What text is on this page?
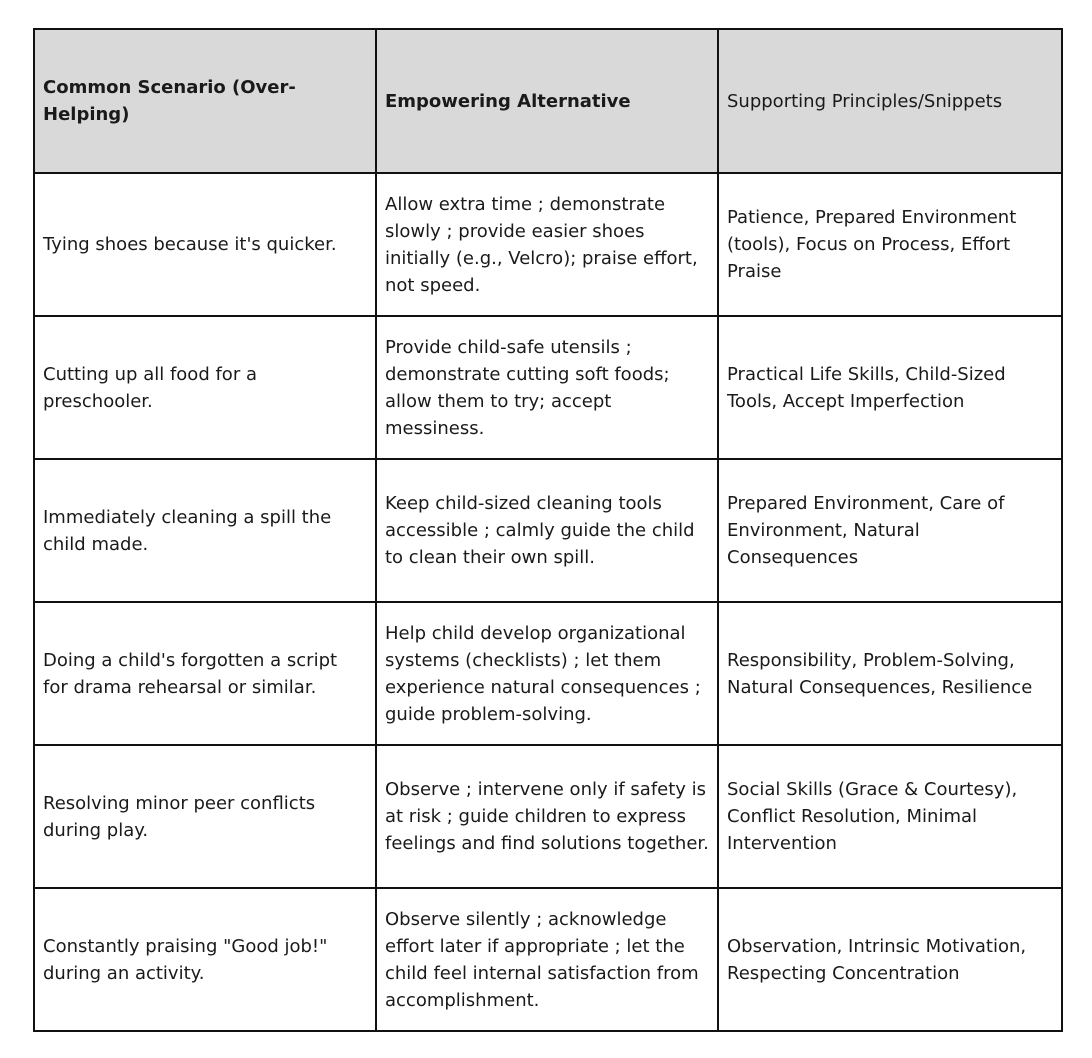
Common Scenario (Over-Helping)	Empowering Alternative	Supporting Principles/Snippets
Tying shoes because it's quicker.	Allow extra time ; demonstrate slowly ; provide easier shoes initially (e.g., Velcro); praise effort, not speed.	Patience, Prepared Environment (tools), Focus on Process, Effort Praise
Cutting up all food for a preschooler.	Provide child-safe utensils ; demonstrate cutting soft foods; allow them to try; accept messiness.	Practical Life Skills, Child-Sized Tools, Accept Imperfection
Immediately cleaning a spill the child made.	Keep child-sized cleaning tools accessible ; calmly guide the child to clean their own spill.	Prepared Environment, Care of Environment, Natural Consequences
Doing a child's forgotten a script for drama rehearsal or similar.	Help child develop organizational systems (checklists) ; let them experience natural consequences ; guide problem-solving.	Responsibility, Problem-Solving, Natural Consequences, Resilience
Resolving minor peer conflicts during play.	Observe ; intervene only if safety is at risk ; guide children to express feelings and find solutions together.	Social Skills (Grace & Courtesy), Conflict Resolution, Minimal Intervention
Constantly praising "Good job!" during an activity.	Observe silently ; acknowledge effort later if appropriate ; let the child feel internal satisfaction from accomplishment.	Observation, Intrinsic Motivation, Respecting Concentration
